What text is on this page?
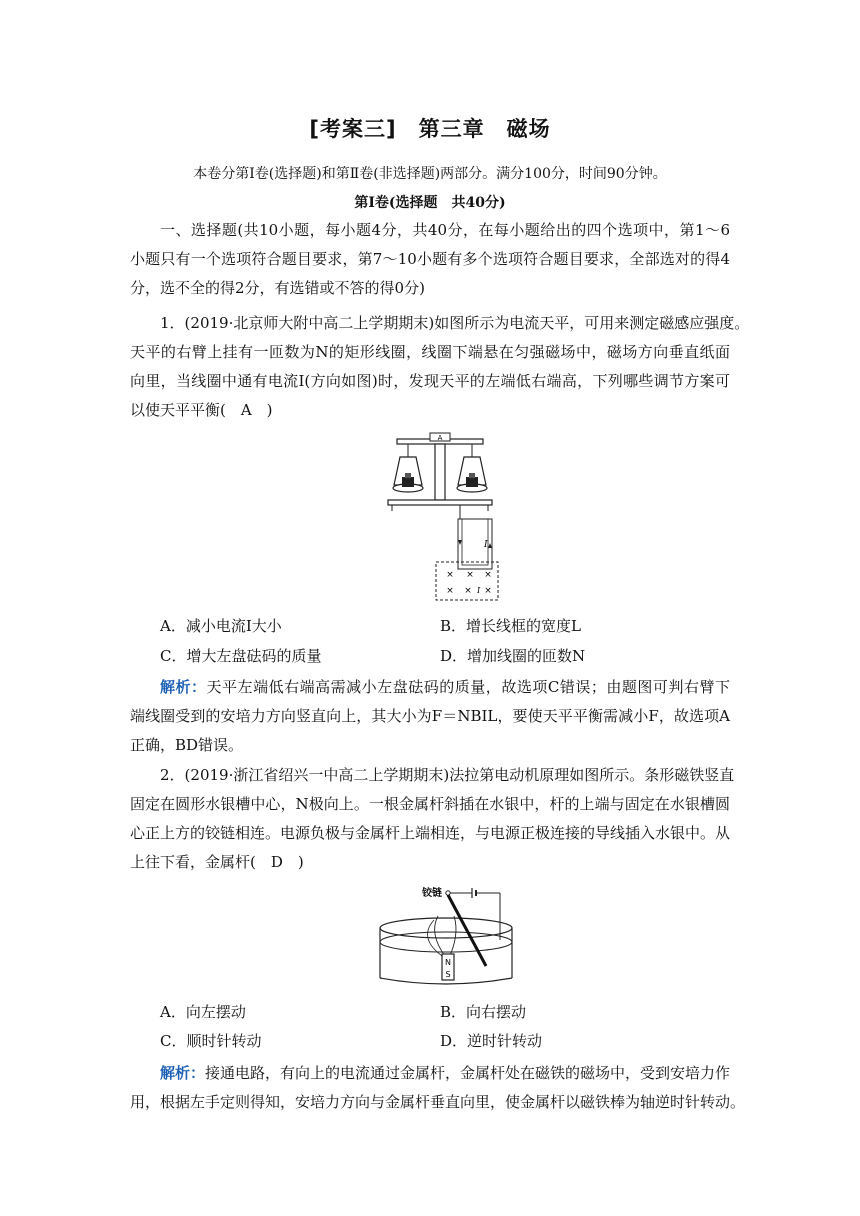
[考案三]　第三章　磁场
本卷分第Ⅰ卷(选择题)和第Ⅱ卷(非选择题)两部分。满分100分，时间90分钟。
第Ⅰ卷(选择题　共40分)
一、选择题(共10小题，每小题4分，共40分，在每小题给出的四个选项中，第1～6
小题只有一个选项符合题目要求，第7～10小题有多个选项符合题目要求，全部选对的得4
分，选不全的得2分，有选错或不答的得0分)
1．(2019·北京师大附中高二上学期期末)如图所示为电流天平，可用来测定磁感应强度。
天平的右臂上挂有一匝数为N的矩形线圈，线圈下端悬在匀强磁场中，磁场方向垂直纸面
向里，当线圈中通有电流I(方向如图)时，发现天平的左端低右端高，下列哪些调节方案可
以使天平平衡(　A　)
A
I
× × ×
× × ×
I
A．减小电流I大小	B．增长线框的宽度L
C．增大左盘砝码的质量	D．增加线圈的匝数N
解析：天平左端低右端高需减小左盘砝码的质量，故选项C错误；由题图可判右臂下
端线圈受到的安培力方向竖直向上，其大小为F＝NBIL，要使天平平衡需减小F，故选项A
正确，BD错误。
2．(2019·浙江省绍兴一中高二上学期期末)法拉第电动机原理如图所示。条形磁铁竖直
固定在圆形水银槽中心，N极向上。一根金属杆斜插在水银中，杆的上端与固定在水银槽圆
心正上方的铰链相连。电源负极与金属杆上端相连，与电源正极连接的导线插入水银中。从
上往下看，金属杆(　D　)
铰链
N
S
A．向左摆动	B．向右摆动
C．顺时针转动	D．逆时针转动
解析：接通电路，有向上的电流通过金属杆，金属杆处在磁铁的磁场中，受到安培力作
用，根据左手定则得知，安培力方向与金属杆垂直向里，使金属杆以磁铁棒为轴逆时针转动。
